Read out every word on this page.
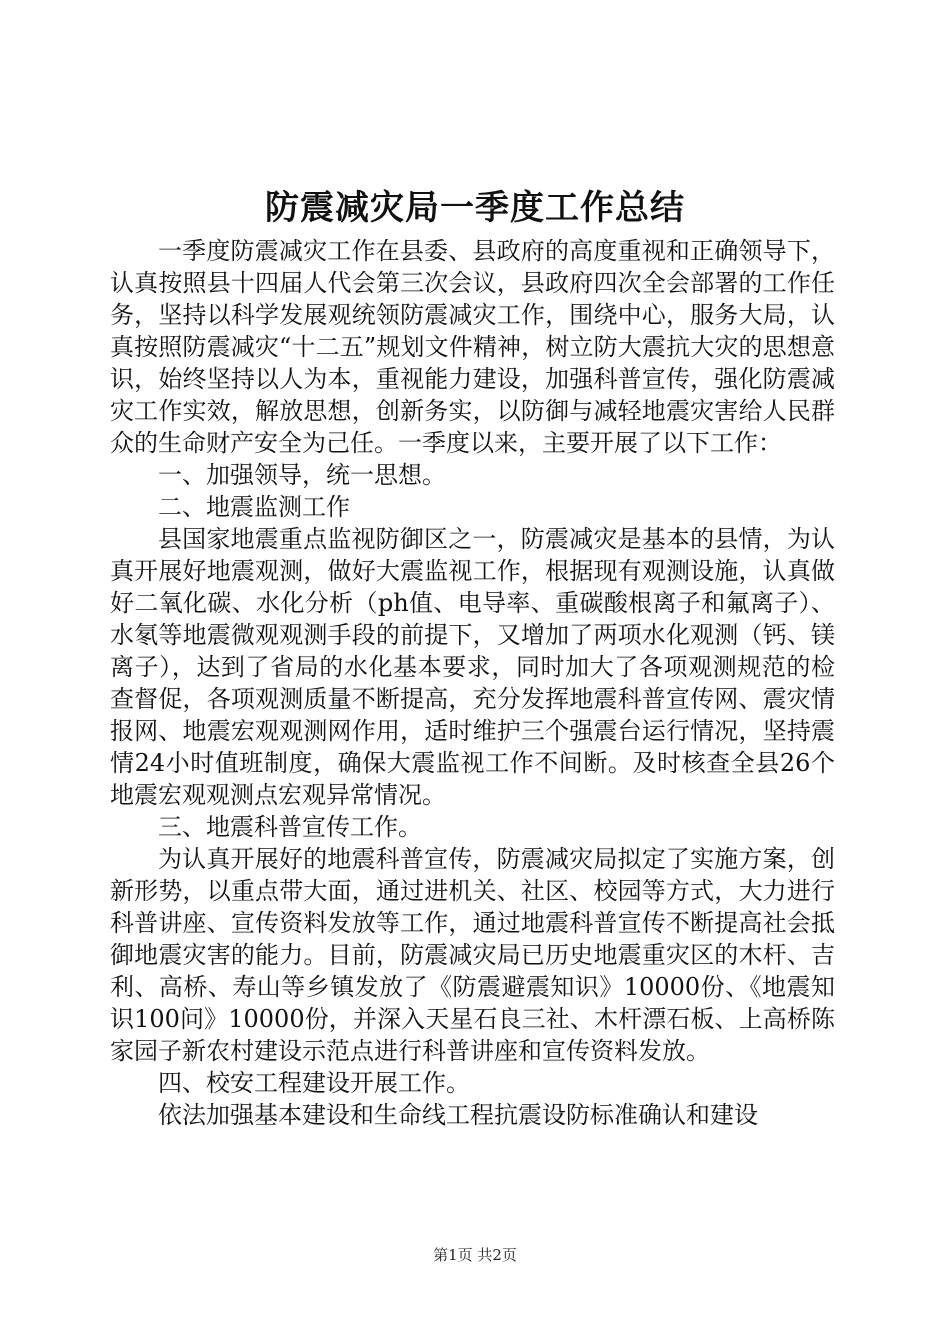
防震减灾局一季度工作总结

一季度防震减灾工作在县委、县政府的高度重视和正确领导下，认真按照县十四届人代会第三次会议，县政府四次全会部署的工作任务，坚持以科学发展观统领防震减灾工作，围绕中心，服务大局，认真按照防震减灾“十二五”规划文件精神，树立防大震抗大灾的思想意识，始终坚持以人为本，重视能力建设，加强科普宣传，强化防震减灾工作实效，解放思想，创新务实，以防御与减轻地震灾害给人民群众的生命财产安全为己任。一季度以来，主要开展了以下工作：

一、加强领导，统一思想。

二、地震监测工作

县国家地震重点监视防御区之一，防震减灾是基本的县情，为认真开展好地震观测，做好大震监视工作，根据现有观测设施，认真做好二氧化碳、水化分析（ph值、电导率、重碳酸根离子和氟离子）、水氡等地震微观观测手段的前提下，又增加了两项水化观测（钙、镁离子），达到了省局的水化基本要求，同时加大了各项观测规范的检查督促，各项观测质量不断提高，充分发挥地震科普宣传网、震灾情报网、地震宏观观测网作用，适时维护三个强震台运行情况，坚持震情24小时值班制度，确保大震监视工作不间断。及时核查全县26个地震宏观观测点宏观异常情况。

三、地震科普宣传工作。

为认真开展好的地震科普宣传，防震减灾局拟定了实施方案，创新形势，以重点带大面，通过进机关、社区、校园等方式，大力进行科普讲座、宣传资料发放等工作，通过地震科普宣传不断提高社会抵御地震灾害的能力。目前，防震减灾局已历史地震重灾区的木杆、吉利、高桥、寿山等乡镇发放了《防震避震知识》10000份、《地震知识100问》10000份，并深入天星石良三社、木杆漂石板、上高桥陈家园子新农村建设示范点进行科普讲座和宣传资料发放。

四、校安工程建设开展工作。

依法加强基本建设和生命线工程抗震设防标准确认和建设

第1页 共2页
